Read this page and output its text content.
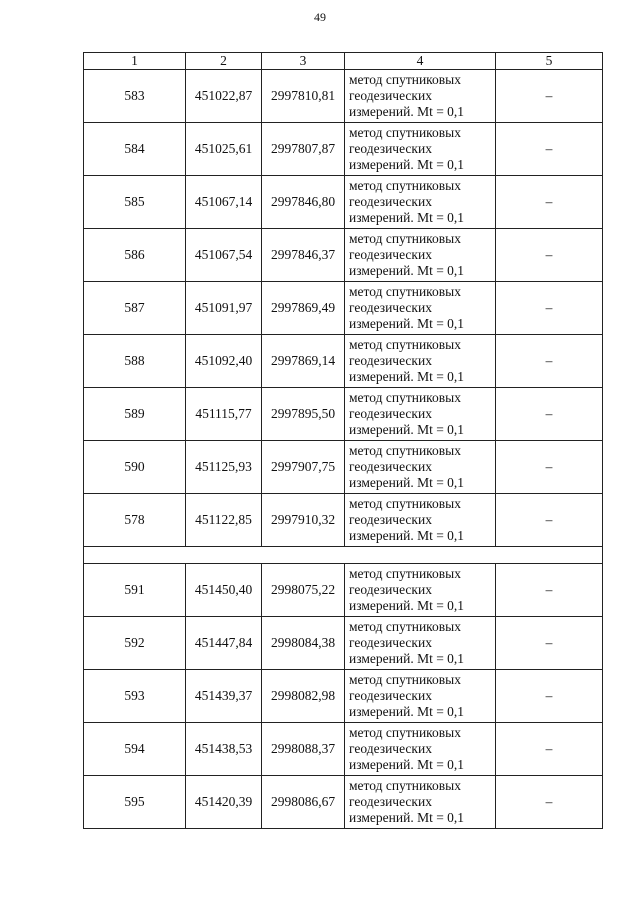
49
1	2	3	4	5
583	451022,87	2997810,81	метод спутниковых геодезических измерений. Mt = 0,1	–
584	451025,61	2997807,87	метод спутниковых геодезических измерений. Mt = 0,1	–
585	451067,14	2997846,80	метод спутниковых геодезических измерений. Mt = 0,1	–
586	451067,54	2997846,37	метод спутниковых геодезических измерений. Mt = 0,1	–
587	451091,97	2997869,49	метод спутниковых геодезических измерений. Mt = 0,1	–
588	451092,40	2997869,14	метод спутниковых геодезических измерений. Mt = 0,1	–
589	451115,77	2997895,50	метод спутниковых геодезических измерений. Mt = 0,1	–
590	451125,93	2997907,75	метод спутниковых геодезических измерений. Mt = 0,1	–
578	451122,85	2997910,32	метод спутниковых геодезических измерений. Mt = 0,1	–

591	451450,40	2998075,22	метод спутниковых геодезических измерений. Mt = 0,1	–
592	451447,84	2998084,38	метод спутниковых геодезических измерений. Mt = 0,1	–
593	451439,37	2998082,98	метод спутниковых геодезических измерений. Mt = 0,1	–
594	451438,53	2998088,37	метод спутниковых геодезических измерений. Mt = 0,1	–
595	451420,39	2998086,67	метод спутниковых геодезических измерений. Mt = 0,1	–
